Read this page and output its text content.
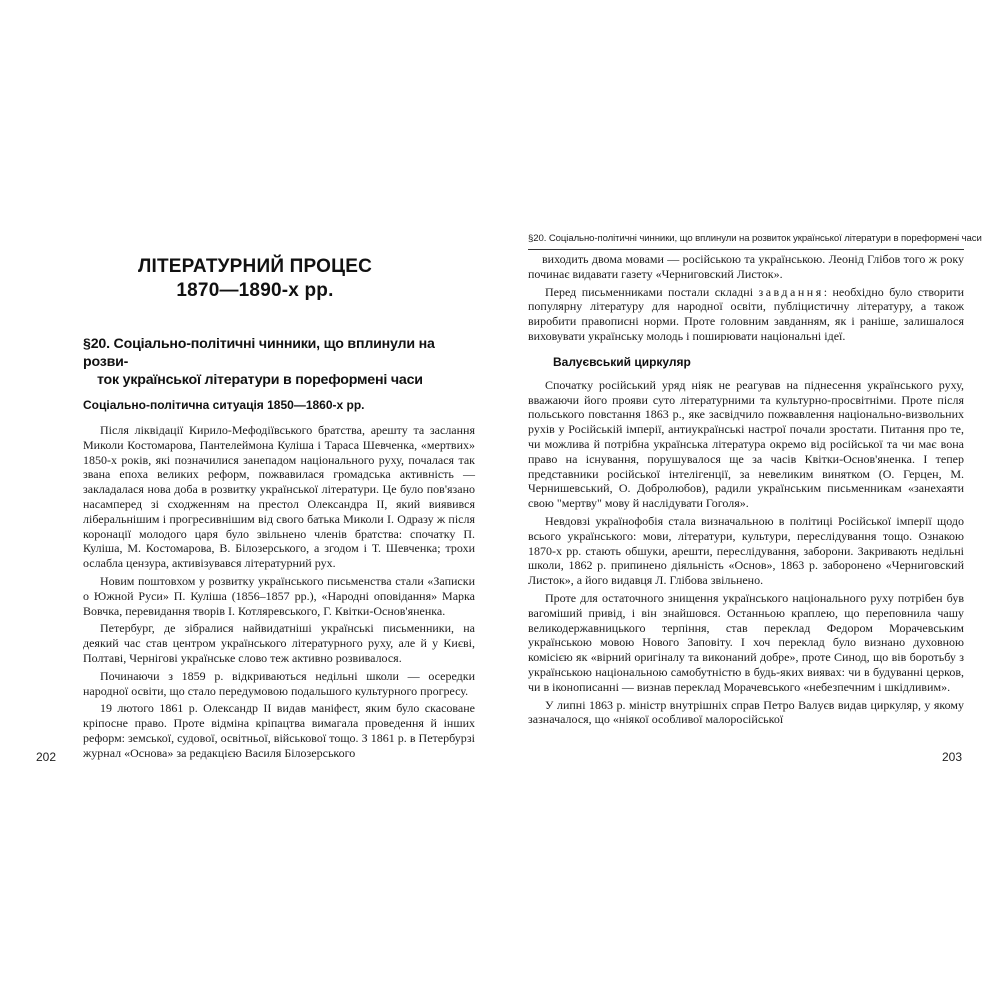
ЛІТЕРАТУРНИЙ ПРОЦЕС
1870—1890-х рр.
§20. Соціально-політичні чинники, що вплинули на розви-
ток української літератури в пореформені часи
Соціально-політична ситуація 1850—1860-х рр.

Після ліквідації Кирило-Мефодіївського братства, арешту та заслання Миколи Костомарова, Пантелеймона Куліша і Тараса Шевченка, «мертвих» 1850-х років, які позначилися занепадом національного руху, почалася так звана епоха великих реформ, пожвавилася громадська активність — закладалася нова доба в розвитку української літератури. Це було пов'язано насамперед зі сходженням на престол Олександра II, який виявився ліберальнішим і прогресивнішим від свого батька Миколи І. Одразу ж після коронації молодого царя було звільнено членів братства: спочатку П. Куліша, М. Костомарова, В. Білозерського, а згодом і Т. Шевченка; трохи ослабла цензура, активізувався літературний рух.

Новим поштовхом у розвитку українського письменства стали «Записки о Южной Руси» П. Куліша (1856–1857 рр.), «Народні оповідання» Марка Вовчка, перевидання творів І. Котляревського, Г. Квітки-Основ'яненка.

Петербург, де зібралися найвидатніші українські письменники, на деякий час став центром українського літературного руху, але й у Києві, Полтаві, Чернігові українське слово теж активно розвивалося.

Починаючи з 1859 р. відкриваються недільні школи — осередки народної освіти, що стало передумовою подальшого культурного прогресу.

19 лютого 1861 р. Олександр II видав маніфест, яким було скасоване кріпосне право. Проте відміна кріпацтва вимагала проведення й інших реформ: земської, судової, освітньої, військової тощо. З 1861 р. в Петербурзі журнал «Основа» за редакцією Василя Білозерського

202
§20. Соціально-політичні чинники, що вплинули на розвиток української літератури в пореформені часи

виходить двома мовами — російською та українською. Леонід Глібов того ж року починає видавати газету «Черниговский Листок».

Перед письменниками постали складні завдання: необхідно було створити популярну літературу для народної освіти, публіцистичну літературу, а також виробити правописні норми. Проте головним завданням, як і раніше, залишалося виховувати українську молодь і поширювати національні ідеї.

Валуєвський циркуляр

Спочатку російський уряд ніяк не реагував на піднесення українського руху, вважаючи його прояви суто літературними та культурно-просвітніми. Проте після польського повстання 1863 р., яке засвідчило пожвавлення національно-визвольних рухів у Російській імперії, антиукраїнські настрої почали зростати. Питання про те, чи можлива й потрібна українська література окремо від російської та чи має вона право на існування, порушувалося ще за часів Квітки-Основ'яненка. І тепер представники російської інтелігенції, за невеликим винятком (О. Герцен, М. Чернишевський, О. Добролюбов), радили українським письменникам «занехаяти свою "мертву" мову й наслідувати Гоголя».

Невдовзі українофобія стала визначальною в політиці Російської імперії щодо всього українського: мови, літератури, культури, переслідування тощо. Ознакою 1870-х рр. стають обшуки, арешти, переслідування, заборони. Закривають недільні школи, 1862 р. припинено діяльність «Основ», 1863 р. заборонено «Черниговский Листок», а його видавця Л. Глібова звільнено.

Проте для остаточного знищення українського національного руху потрібен був вагоміший привід, і він знайшовся. Останньою краплею, що переповнила чашу великодержавницького терпіння, став переклад Федором Морачевським українською мовою Нового Заповіту. І хоч переклад було визнано духовною комісією як «вірний оригіналу та виконаний добре», проте Синод, що вів боротьбу з українською національною самобутністю в будь-яких виявах: чи в будуванні церков, чи в іконописанні — визнав переклад Морачевського «небезпечним і шкідливим».

У липні 1863 р. міністр внутрішніх справ Петро Валуєв видав циркуляр, у якому зазначалося, що «ніякої особливої малоросійської

203
